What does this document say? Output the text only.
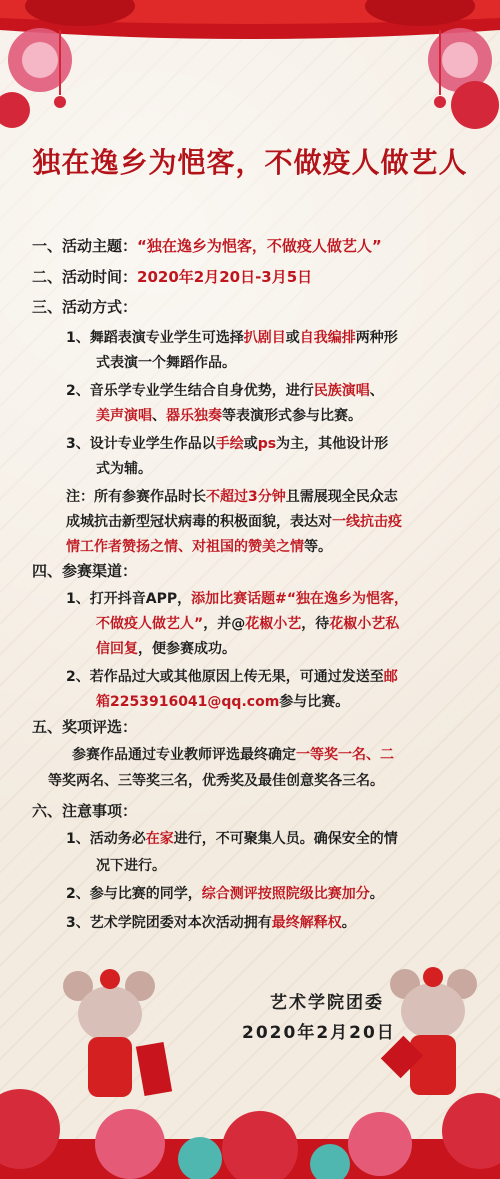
独在逸乡为悒客，不做疫人做艺人
一、活动主题：“独在逸乡为悒客，不做疫人做艺人”
二、活动时间：2020年2月20日-3月5日
三、活动方式：
1、舞蹈表演专业学生可选择扒剧目或自我编排两种形
式表演一个舞蹈作品。
2、音乐学专业学生结合自身优势，进行民族演唱、
美声演唱、器乐独奏等表演形式参与比赛。
3、设计专业学生作品以手绘或ps为主，其他设计形
式为辅。
注：所有参赛作品时长不超过3分钟且需展现全民众志
成城抗击新型冠状病毒的积极面貌，表达对一线抗击疫
情工作者赞扬之情、对祖国的赞美之情等。
四、参赛渠道：
1、打开抖音APP，添加比赛话题#“独在逸乡为悒客，
不做疫人做艺人”，并@花椒小艺，待花椒小艺私
信回复，便参赛成功。
2、若作品过大或其他原因上传无果，可通过发送至邮
箱2253916041@qq.com参与比赛。
五、奖项评选：
参赛作品通过专业教师评选最终确定一等奖一名、二
等奖两名、三等奖三名，优秀奖及最佳创意奖各三名。
六、注意事项：
1、活动务必在家进行，不可聚集人员。确保安全的情
况下进行。
2、参与比赛的同学，综合测评按照院级比赛加分。
3、艺术学院团委对本次活动拥有最终解释权。
艺术学院团委
2020年2月20日
